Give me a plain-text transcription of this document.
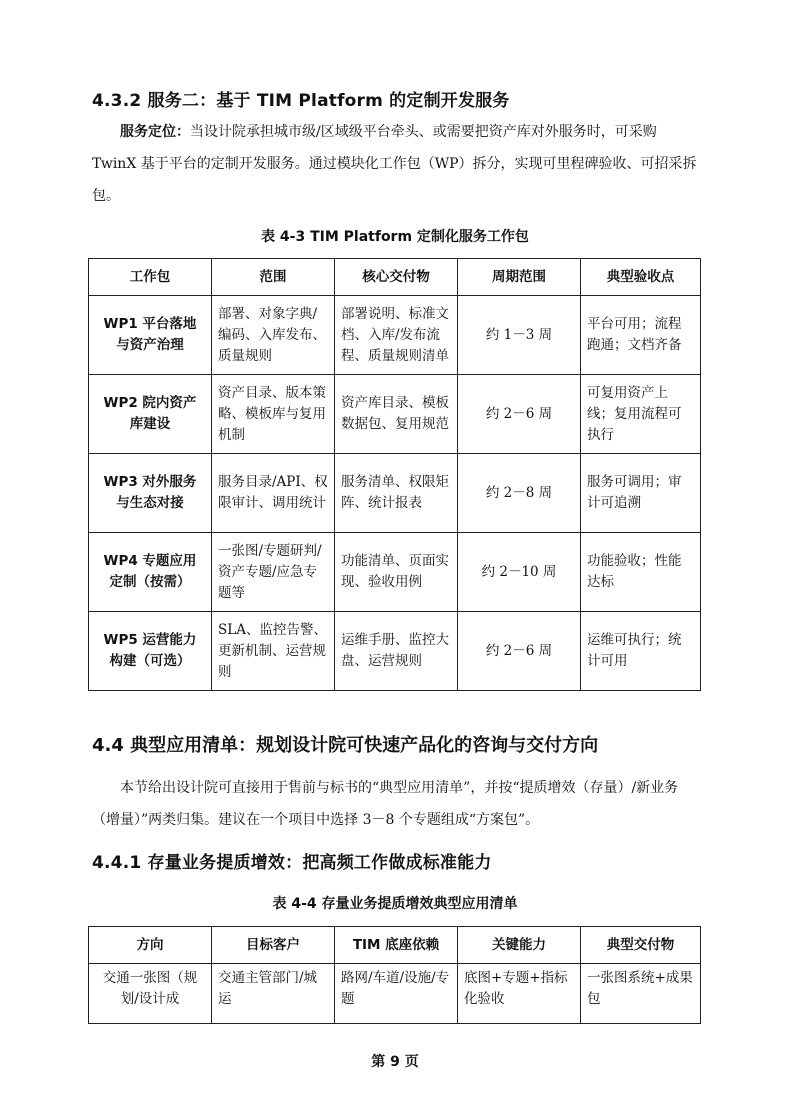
4.3.2 服务二：基于 TIM Platform 的定制开发服务

服务定位：当设计院承担城市级/区域级平台牵头、或需要把资产库对外服务时，可采购 TwinX 基于平台的定制开发服务。通过模块化工作包（WP）拆分，实现可里程碑验收、可招采拆包。

表 4-3 TIM Platform 定制化服务工作包
工作包	范围	核心交付物	周期范围	典型验收点
WP1 平台落地与资产治理	部署、对象字典/编码、入库发布、质量规则	部署说明、标准文档、入库/发布流程、质量规则清单	约 1－3 周	平台可用；流程跑通；文档齐备
WP2 院内资产库建设	资产目录、版本策略、模板库与复用机制	资产库目录、模板数据包、复用规范	约 2－6 周	可复用资产上线；复用流程可执行
WP3 对外服务与生态对接	服务目录/API、权限审计、调用统计	服务清单、权限矩阵、统计报表	约 2－8 周	服务可调用；审计可追溯
WP4 专题应用定制（按需）	一张图/专题研判/资产专题/应急专题等	功能清单、页面实现、验收用例	约 2－10 周	功能验收；性能达标
WP5 运营能力构建（可选）	SLA、监控告警、更新机制、运营规则	运维手册、监控大盘、运营规则	约 2－6 周	运维可执行；统计可用
4.4 典型应用清单：规划设计院可快速产品化的咨询与交付方向

本节给出设计院可直接用于售前与标书的“典型应用清单”，并按“提质增效（存量）/新业务（增量）”两类归集。建议在一个项目中选择 3－8 个专题组成“方案包”。

4.4.1 存量业务提质增效：把高频工作做成标准能力
表 4-4 存量业务提质增效典型应用清单
方向	目标客户	TIM 底座依赖	关键能力	典型交付物
交通一张图（规划/设计成	交通主管部门/城运	路网/车道/设施/专题	底图+专题+指标化验收	一张图系统+成果包
第 9 页
